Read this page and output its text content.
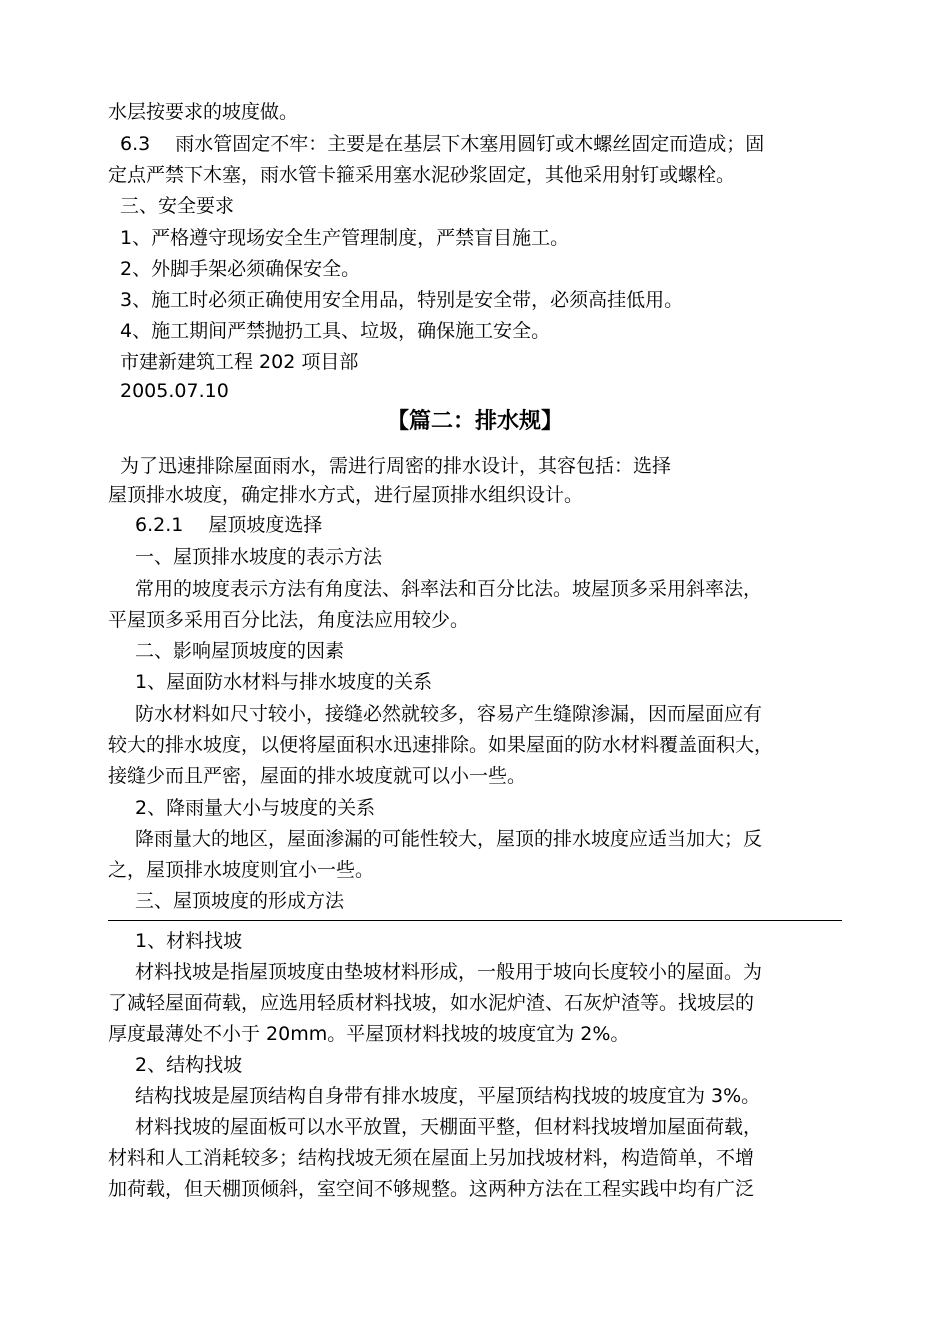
水层按要求的坡度做。

6.3　 雨水管固定不牢：主要是在基层下木塞用圆钉或木螺丝固定而造成；固

定点严禁下木塞，雨水管卡箍采用塞水泥砂浆固定，其他采用射钉或螺栓。

三、安全要求

1、严格遵守现场安全生产管理制度，严禁盲目施工。

2、外脚手架必须确保安全。

3、施工时必须正确使用安全用品，特别是安全带，必须高挂低用。

4、施工期间严禁抛扔工具、垃圾，确保施工安全。

市建新建筑工程 202 项目部

2005.07.10

【篇二：排水规】

为了迅速排除屋面雨水，需进行周密的排水设计，其容包括：选择

屋顶排水坡度，确定排水方式，进行屋顶排水组织设计。

6.2.1　 屋顶坡度选择

一、屋顶排水坡度的表示方法

常用的坡度表示方法有角度法、斜率法和百分比法。坡屋顶多采用斜率法，

平屋顶多采用百分比法，角度法应用较少。

二、影响屋顶坡度的因素

1、屋面防水材料与排水坡度的关系

防水材料如尺寸较小，接缝必然就较多，容易产生缝隙渗漏，因而屋面应有

较大的排水坡度，以便将屋面积水迅速排除。如果屋面的防水材料覆盖面积大，

接缝少而且严密，屋面的排水坡度就可以小一些。

2、降雨量大小与坡度的关系

降雨量大的地区，屋面渗漏的可能性较大，屋顶的排水坡度应适当加大；反

之，屋顶排水坡度则宜小一些。

三、屋顶坡度的形成方法

1、材料找坡

材料找坡是指屋顶坡度由垫坡材料形成，一般用于坡向长度较小的屋面。为

了减轻屋面荷载，应选用轻质材料找坡，如水泥炉渣、石灰炉渣等。找坡层的

厚度最薄处不小于 20mm。平屋顶材料找坡的坡度宜为 2%。

2、结构找坡

结构找坡是屋顶结构自身带有排水坡度，平屋顶结构找坡的坡度宜为 3%。

材料找坡的屋面板可以水平放置，天棚面平整，但材料找坡增加屋面荷载，

材料和人工消耗较多；结构找坡无须在屋面上另加找坡材料，构造简单，不增

加荷载，但天棚顶倾斜，室空间不够规整。这两种方法在工程实践中均有广泛
